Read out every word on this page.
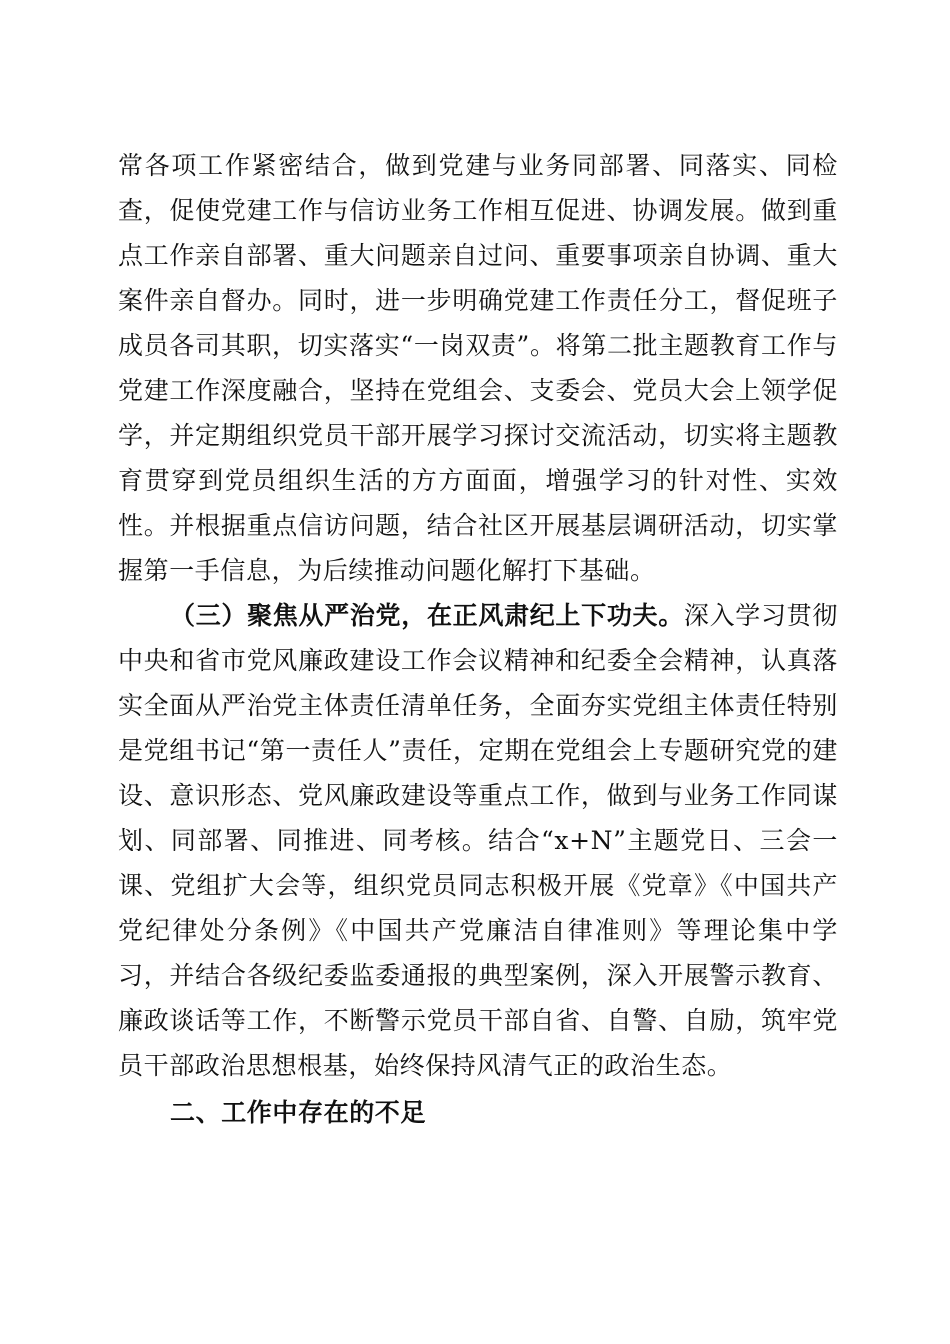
常各项工作紧密结合，做到党建与业务同部署、同落实、同检查，促使党建工作与信访业务工作相互促进、协调发展。做到重点工作亲自部署、重大问题亲自过问、重要事项亲自协调、重大案件亲自督办。同时，进一步明确党建工作责任分工，督促班子成员各司其职，切实落实“一岗双责”。将第二批主题教育工作与党建工作深度融合，坚持在党组会、支委会、党员大会上领学促学，并定期组织党员干部开展学习探讨交流活动，切实将主题教育贯穿到党员组织生活的方方面面，增强学习的针对性、实效性。并根据重点信访问题，结合社区开展基层调研活动，切实掌握第一手信息，为后续推动问题化解打下基础。

（三）聚焦从严治党，在正风肃纪上下功夫。深入学习贯彻中央和省市党风廉政建设工作会议精神和纪委全会精神，认真落实全面从严治党主体责任清单任务，全面夯实党组主体责任特别是党组书记“第一责任人”责任，定期在党组会上专题研究党的建设、意识形态、党风廉政建设等重点工作，做到与业务工作同谋划、同部署、同推进、同考核。结合“x+N”主题党日、三会一课、党组扩大会等，组织党员同志积极开展《党章》《中国共产党纪律处分条例》《中国共产党廉洁自律准则》等理论集中学习，并结合各级纪委监委通报的典型案例，深入开展警示教育、廉政谈话等工作，不断警示党员干部自省、自警、自励，筑牢党员干部政治思想根基，始终保持风清气正的政治生态。

二、工作中存在的不足
